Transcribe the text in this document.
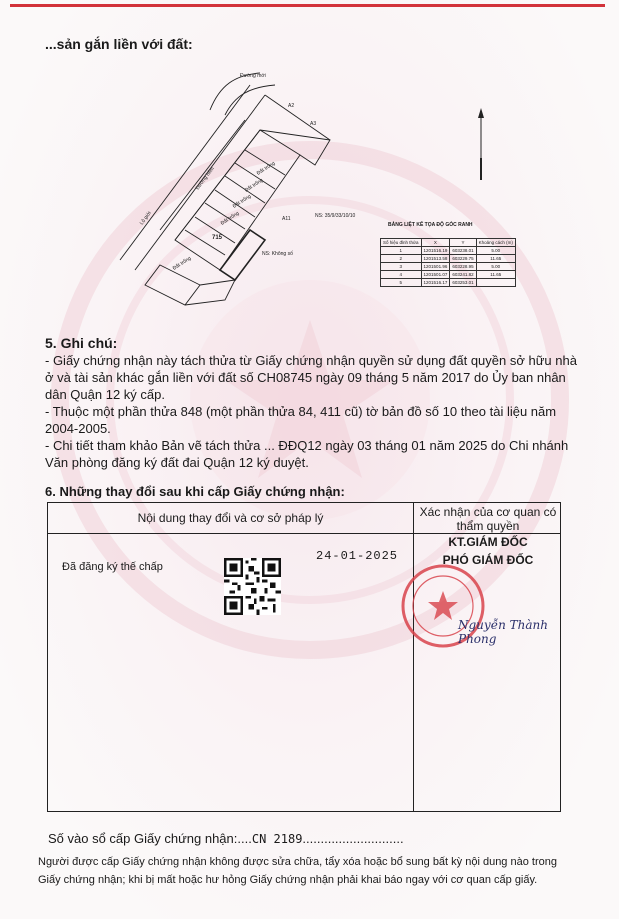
...sản gắn liền với đất:
Đường mới
Lộ giới
Đường hẻm
715
NS: 35/9/33/10/10
NS: Không số
A11
A2
A3
Đất trống
Đất trống
Đất trống
Đất trống
Đất trống
BẢNG LIỆT KÊ TỌA ĐỘ GÓC RANH
Số hiệu đỉnh thửa	X	Y	Khoảng cách (m)
1	1201516.19	603238.01	5.00
2	1201513.58	603229.75	11.65
3	1201501.96	603228.95	5.00
4	1201501.07	603241.82	11.65
5	1201516.17	603253.01	
5. Ghi chú:

- Giấy chứng nhận này tách thửa từ Giấy chứng nhận quyền sử dụng đất quyền sở hữu nhà ở và tài sản khác gắn liền với đất số CH08745 ngày 09 tháng 5 năm 2017 do Ủy ban nhân dân Quận 12 ký cấp.

- Thuộc một phần thửa 848 (một phần thửa 84, 411 cũ) tờ bản đồ số 10 theo tài liệu năm 2004-2005.

- Chi tiết tham khảo Bản vẽ tách thửa ... ĐĐQ12 ngày 03 tháng 01 năm 2025 do Chi nhánh Văn phòng đăng ký đất đai Quận 12 ký duyệt.

6. Những thay đổi sau khi cấp Giấy chứng nhận:
Nội dung thay đổi và cơ sở pháp lý	Xác nhận của cơ quan có thẩm quyền
Đã đăng ký thế chấp
24-01-2025
KT.GIÁM ĐỐC
PHÓ GIÁM ĐỐC
Nguyễn Thành Phong
Số vào sổ cấp Giấy chứng nhận:....CN 2189............................
Người được cấp Giấy chứng nhận không được sửa chữa, tẩy xóa hoặc bổ sung bất kỳ nội dung nào trong
Giấy chứng nhận; khi bị mất hoặc hư hỏng Giấy chứng nhận phải khai báo ngay với cơ quan cấp giấy.
